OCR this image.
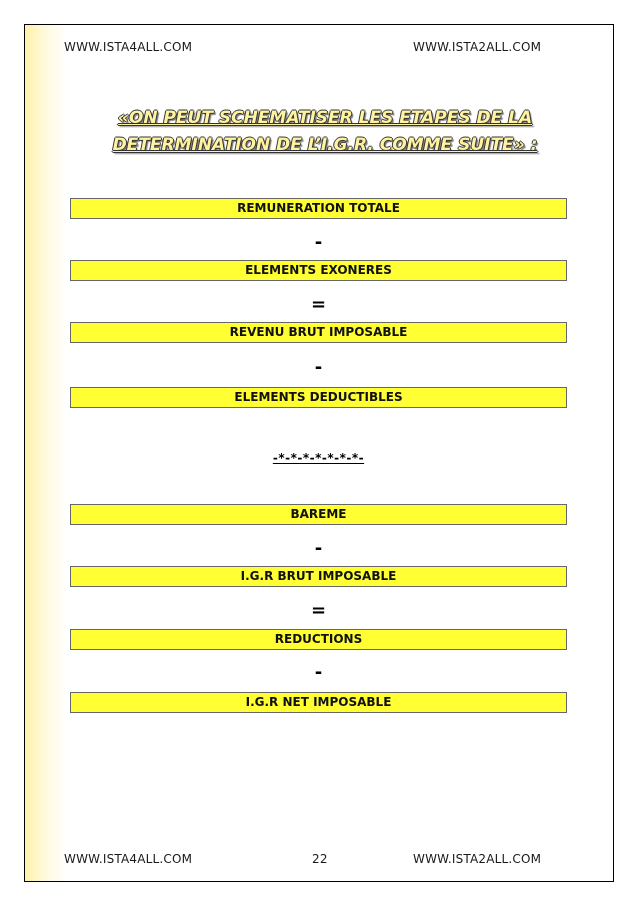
WWW.ISTA4ALL.COM	WWW.ISTA2ALL.COM
«ON PEUT SCHEMATISER LES ETAPES DE LA
DETERMINATION DE L’I.G.R. COMME SUITE» :
REMUNERATION TOTALE
-
ELEMENTS EXONERES
=
REVENU BRUT IMPOSABLE
-
ELEMENTS DEDUCTIBLES
-*-*-*-*-*-*-*-
BAREME
-
I.G.R BRUT IMPOSABLE
=
REDUCTIONS
-
I.G.R NET IMPOSABLE
WWW.ISTA4ALL.COM	22	WWW.ISTA2ALL.COM
